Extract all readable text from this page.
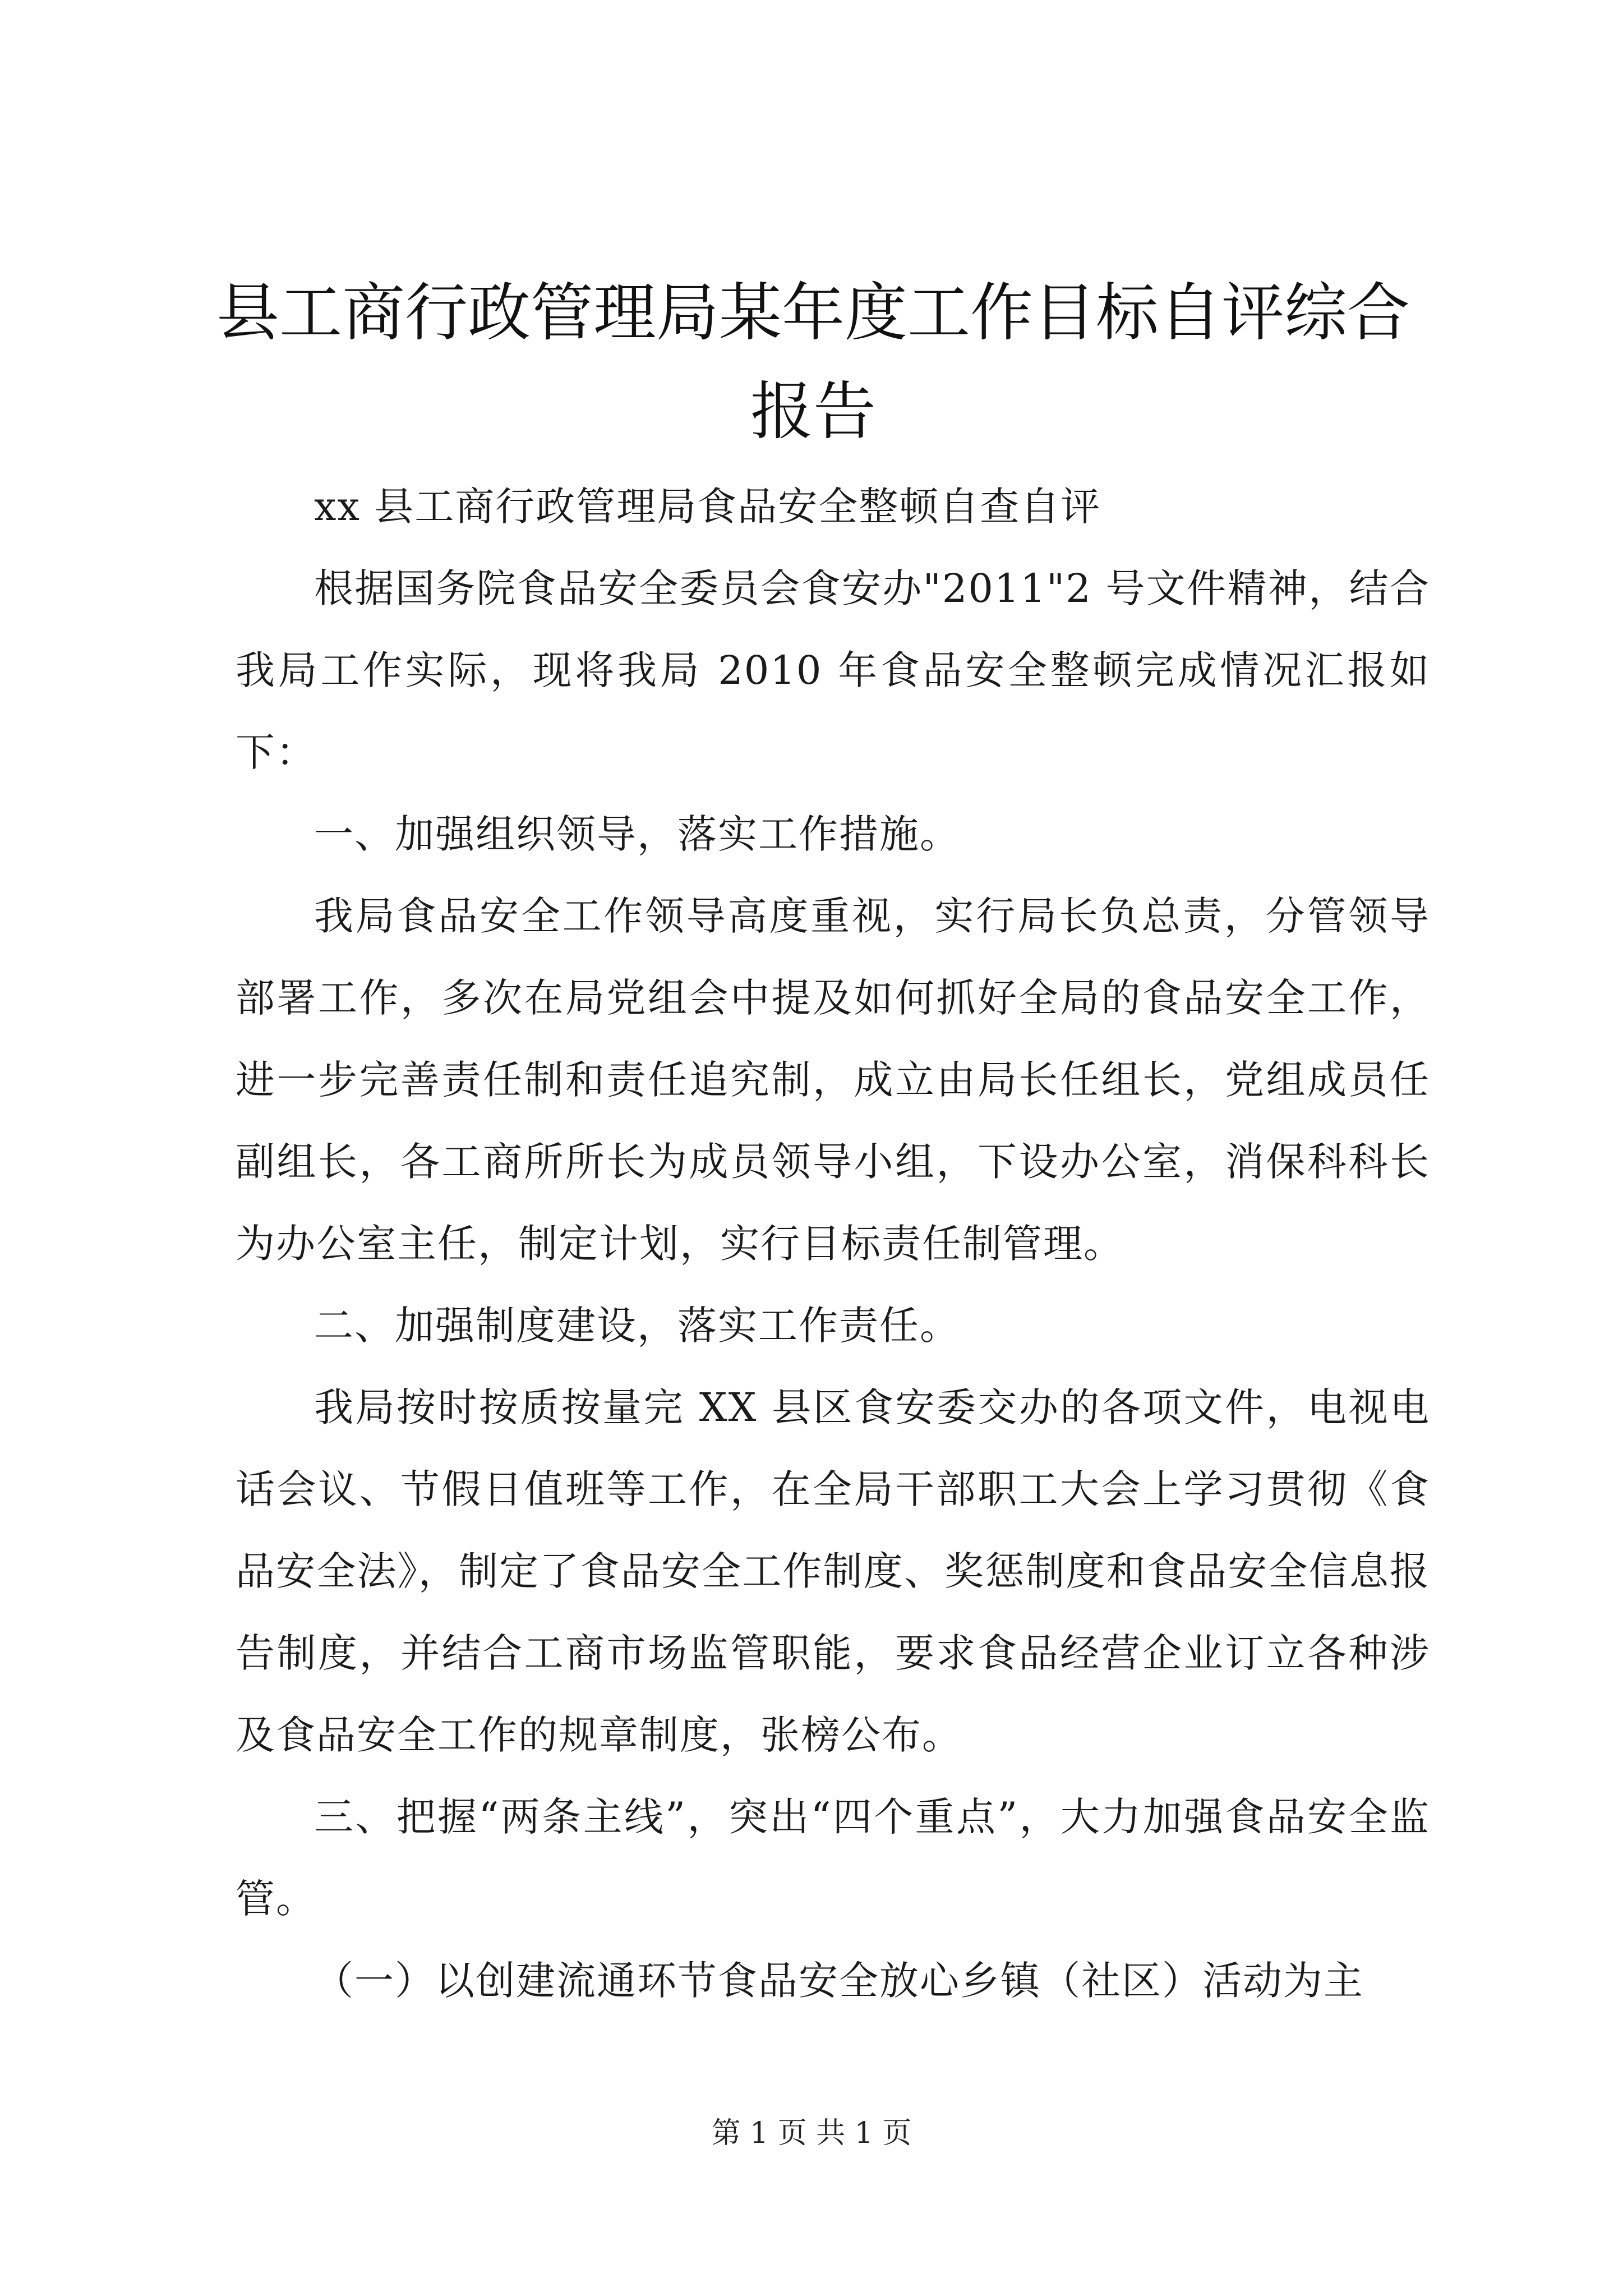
县工商行政管理局某年度工作目标自评综合报告

xx 县工商行政管理局食品安全整顿自查自评

根据国务院食品安全委员会食安办"2011"2 号文件精神，结合我局工作实际，现将我局 2010 年食品安全整顿完成情况汇报如下：

一、加强组织领导，落实工作措施。

我局食品安全工作领导高度重视，实行局长负总责，分管领导部署工作，多次在局党组会中提及如何抓好全局的食品安全工作，进一步完善责任制和责任追究制，成立由局长任组长，党组成员任副组长，各工商所所长为成员领导小组，下设办公室，消保科科长为办公室主任，制定计划，实行目标责任制管理。

二、加强制度建设，落实工作责任。

我局按时按质按量完 XX 县区食安委交办的各项文件，电视电话会议、节假日值班等工作，在全局干部职工大会上学习贯彻《食品安全法》，制定了食品安全工作制度、奖惩制度和食品安全信息报告制度，并结合工商市场监管职能，要求食品经营企业订立各种涉及食品安全工作的规章制度，张榜公布。

三、把握“两条主线”，突出“四个重点”，大力加强食品安全监管。

（一）以创建流通环节食品安全放心乡镇（社区）活动为主

第 1 页 共 1 页
